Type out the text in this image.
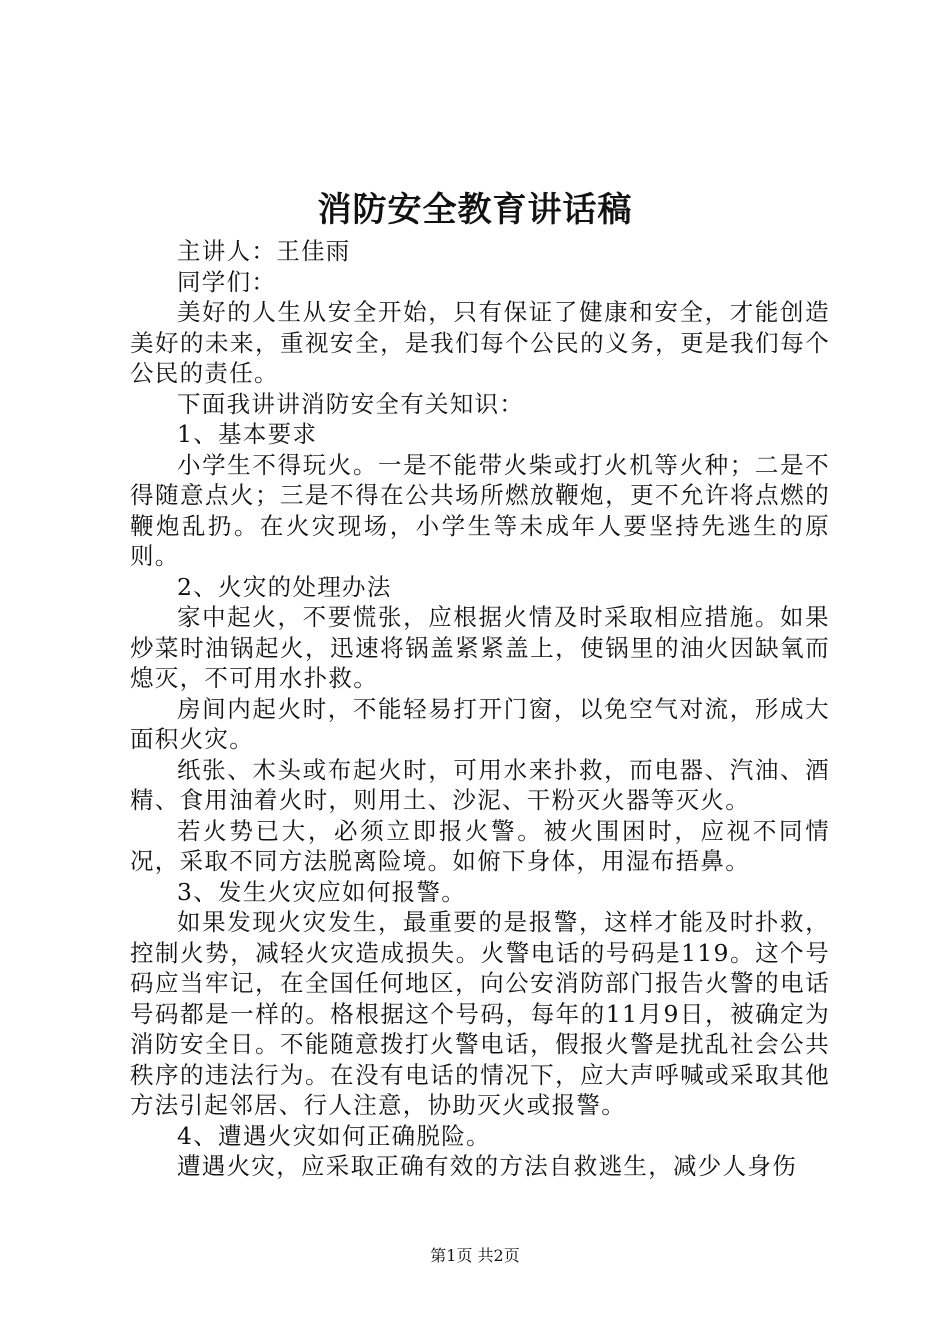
消防安全教育讲话稿

主讲人：王佳雨

同学们：

美好的人生从安全开始，只有保证了健康和安全，才能创造美好的未来，重视安全，是我们每个公民的义务，更是我们每个公民的责任。

下面我讲讲消防安全有关知识：

1、基本要求

小学生不得玩火。一是不能带火柴或打火机等火种；二是不得随意点火；三是不得在公共场所燃放鞭炮，更不允许将点燃的鞭炮乱扔。在火灾现场，小学生等未成年人要坚持先逃生的原则。

2、火灾的处理办法

家中起火，不要慌张，应根据火情及时采取相应措施。如果炒菜时油锅起火，迅速将锅盖紧紧盖上，使锅里的油火因缺氧而熄灭，不可用水扑救。

房间内起火时，不能轻易打开门窗，以免空气对流，形成大面积火灾。

纸张、木头或布起火时，可用水来扑救，而电器、汽油、酒精、食用油着火时，则用土、沙泥、干粉灭火器等灭火。

若火势已大，必须立即报火警。被火围困时，应视不同情况，采取不同方法脱离险境。如俯下身体，用湿布捂鼻。

3、发生火灾应如何报警。

如果发现火灾发生，最重要的是报警，这样才能及时扑救，控制火势，减轻火灾造成损失。火警电话的号码是119。这个号码应当牢记，在全国任何地区，向公安消防部门报告火警的电话号码都是一样的。格根据这个号码，每年的11月9日，被确定为消防安全日。不能随意拨打火警电话，假报火警是扰乱社会公共秩序的违法行为。在没有电话的情况下，应大声呼喊或采取其他方法引起邻居、行人注意，协助灭火或报警。

4、遭遇火灾如何正确脱险。

遭遇火灾，应采取正确有效的方法自救逃生，减少人身伤

第1页 共2页
